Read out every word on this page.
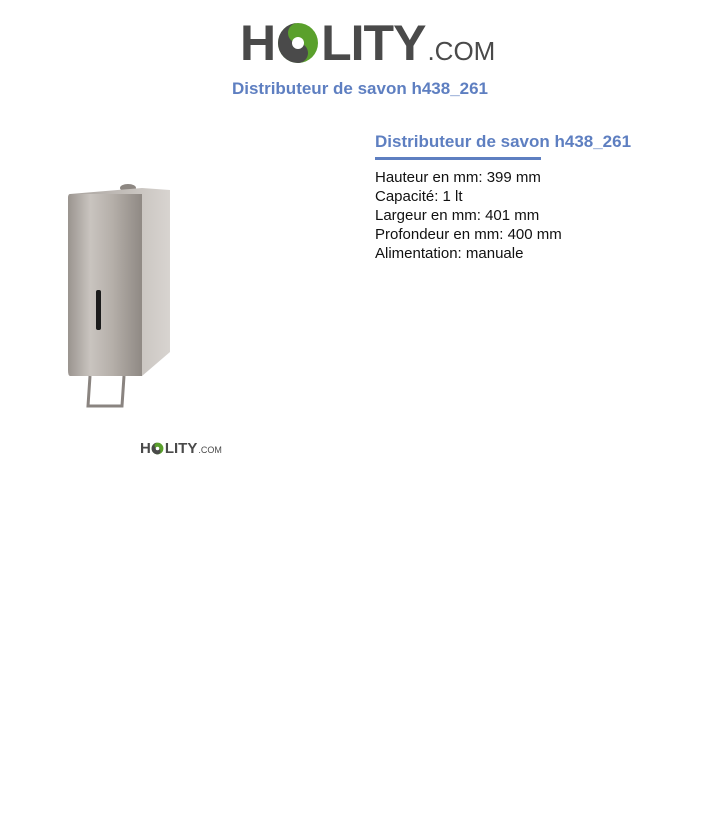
H LITY .COM
Distributeur de savon h438_261
H LITY .COM
Distributeur de savon h438_261
Hauteur en mm: 399 mm
Capacité: 1 lt
Largeur en mm: 401 mm
Profondeur en mm: 400 mm
Alimentation: manuale
